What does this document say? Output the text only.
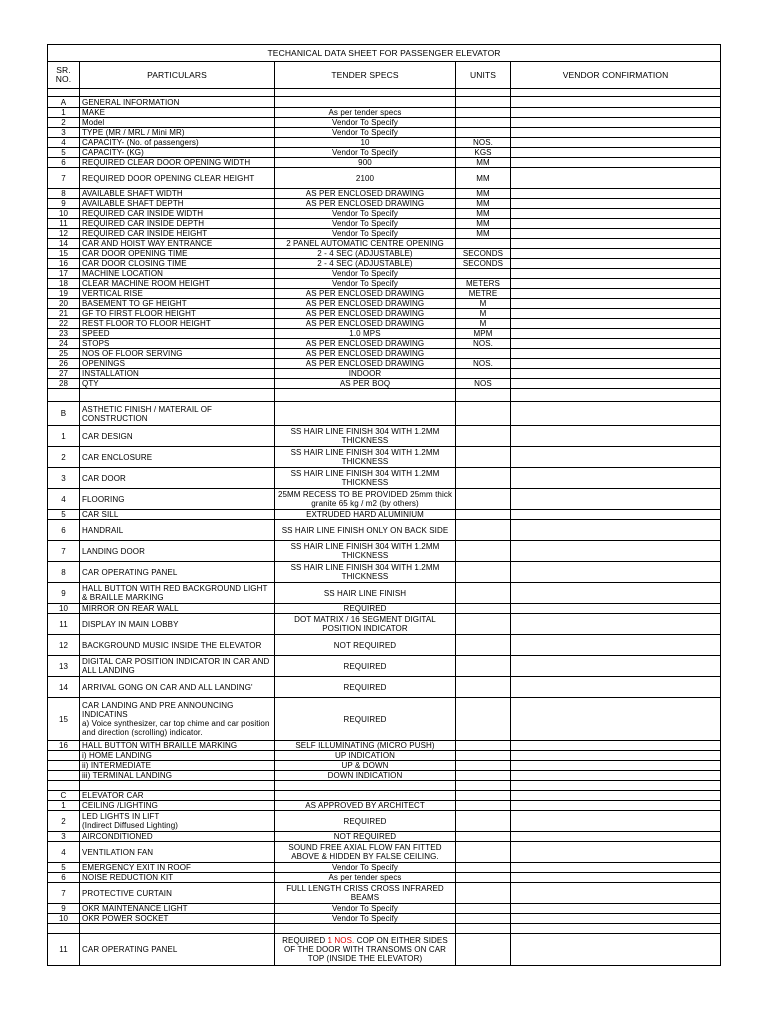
TECHANICAL DATA SHEET FOR PASSENGER ELEVATOR				
SR. NO.	PARTICULARS	TENDER SPECS	UNITS	VENDOR CONFIRMATION

A	GENERAL INFORMATION			
1	MAKE	As per tender specs		
2	Model	Vendor To Specify		
3	TYPE (MR / MRL / Mini MR)	Vendor To Specify		
4	CAPACITY- (No. of passengers)	10	NOS.	
5	CAPACITY- (KG)	Vendor To Specify	KGS	
6	REQUIRED CLEAR DOOR OPENING WIDTH	900	MM	
7	REQUIRED DOOR OPENING CLEAR HEIGHT	2100	MM	
8	AVAILABLE SHAFT WIDTH	AS PER ENCLOSED DRAWING	MM	
9	AVAILABLE SHAFT DEPTH	AS PER ENCLOSED DRAWING	MM	
10	REQUIRED CAR INSIDE WIDTH	Vendor To Specify	MM	
11	REQUIRED CAR INSIDE DEPTH	Vendor To Specify	MM	
12	REQUIRED CAR INSIDE HEIGHT	Vendor To Specify	MM	
14	CAR AND HOIST WAY ENTRANCE	2 PANEL AUTOMATIC CENTRE OPENING		
15	CAR DOOR OPENING TIME	2 - 4 SEC (ADJUSTABLE)	SECONDS	
16	CAR DOOR CLOSING TIME	2 - 4 SEC (ADJUSTABLE)	SECONDS	
17	MACHINE LOCATION	Vendor To Specify		
18	CLEAR MACHINE ROOM HEIGHT	Vendor To Specify	METERS	
19	VERTICAL RISE	AS PER ENCLOSED DRAWING	METRE	
20	BASEMENT TO GF HEIGHT	AS PER ENCLOSED DRAWING	M	
21	GF TO FIRST FLOOR HEIGHT	AS PER ENCLOSED DRAWING	M	
22	REST FLOOR TO FLOOR HEIGHT	AS PER ENCLOSED DRAWING	M	
23	SPEED	1.0 MPS	MPM	
24	STOPS	AS PER ENCLOSED DRAWING	NOS.	
25	NOS OF FLOOR SERVING	AS PER ENCLOSED DRAWING		
26	OPENINGS	AS PER ENCLOSED DRAWING	NOS.	
27	INSTALLATION	INDOOR		
28	QTY	AS PER BOQ	NOS	

B	ASTHETIC FINISH / MATERAIL OF CONSTRUCTION			
1	CAR DESIGN	SS HAIR LINE FINISH 304 WITH 1.2MM THICKNESS		
2	CAR ENCLOSURE	SS HAIR LINE FINISH 304 WITH 1.2MM THICKNESS		
3	CAR DOOR	SS HAIR LINE FINISH 304 WITH 1.2MM THICKNESS		
4	FLOORING	25MM RECESS TO BE PROVIDED 25mm thick granite 65 kg / m2 (by others)		
5	CAR SILL	EXTRUDED HARD ALUMINIUM		
6	HANDRAIL	SS HAIR LINE FINISH ONLY ON BACK SIDE		
7	LANDING DOOR	SS HAIR LINE FINISH 304 WITH 1.2MM THICKNESS		
8	CAR OPERATING PANEL	SS HAIR LINE FINISH 304 WITH 1.2MM THICKNESS		
9	HALL BUTTON WITH RED BACKGROUND LIGHT & BRAILLE MARKING	SS HAIR LINE FINISH		
10	MIRROR ON REAR WALL	REQUIRED		
11	DISPLAY IN MAIN LOBBY	DOT MATRIX / 16 SEGMENT DIGITAL POSITION INDICATOR		
12	BACKGROUND MUSIC INSIDE THE ELEVATOR	NOT REQUIRED		
13	DIGITAL CAR POSITION INDICATOR IN CAR AND ALL LANDING	REQUIRED		
14	ARRIVAL GONG ON CAR AND ALL LANDING'	REQUIRED		
15	CAR LANDING AND PRE ANNOUNCING INDICATINS
a) Voice synthesizer, car top chime and car position and direction (scrolling) indicator.	REQUIRED		
16	HALL BUTTON WITH BRAILLE MARKING	SELF ILLUMINATING (MICRO PUSH)		
	i) HOME LANDING	UP INDICATION		
	ii) INTERMEDIATE	UP & DOWN		
	iii) TERMINAL LANDING	DOWN INDICATION		

C	ELEVATOR CAR			
1	CEILING /LIGHTING	AS APPROVED BY ARCHITECT		
2	LED LIGHTS IN LIFT
(Indirect Diffused Lighting)	REQUIRED		
3	AIRCONDITIONED	NOT REQUIRED		
4	VENTILATION FAN	SOUND FREE AXIAL FLOW FAN FITTED ABOVE & HIDDEN BY FALSE CEILING.		
5	EMERGENCY EXIT IN ROOF	Vendor To Specify		
6	NOISE REDUCTION KIT	As per tender specs		
7	PROTECTIVE CURTAIN	FULL LENGTH CRISS CROSS INFRARED BEAMS		
9	OKR MAINTENANCE LIGHT	Vendor To Specify		
10	OKR POWER SOCKET	Vendor To Specify		

11	CAR OPERATING PANEL	REQUIRED 1 NOS. COP ON EITHER SIDES OF THE DOOR WITH TRANSOMS ON CAR TOP (INSIDE THE ELEVATOR)		
